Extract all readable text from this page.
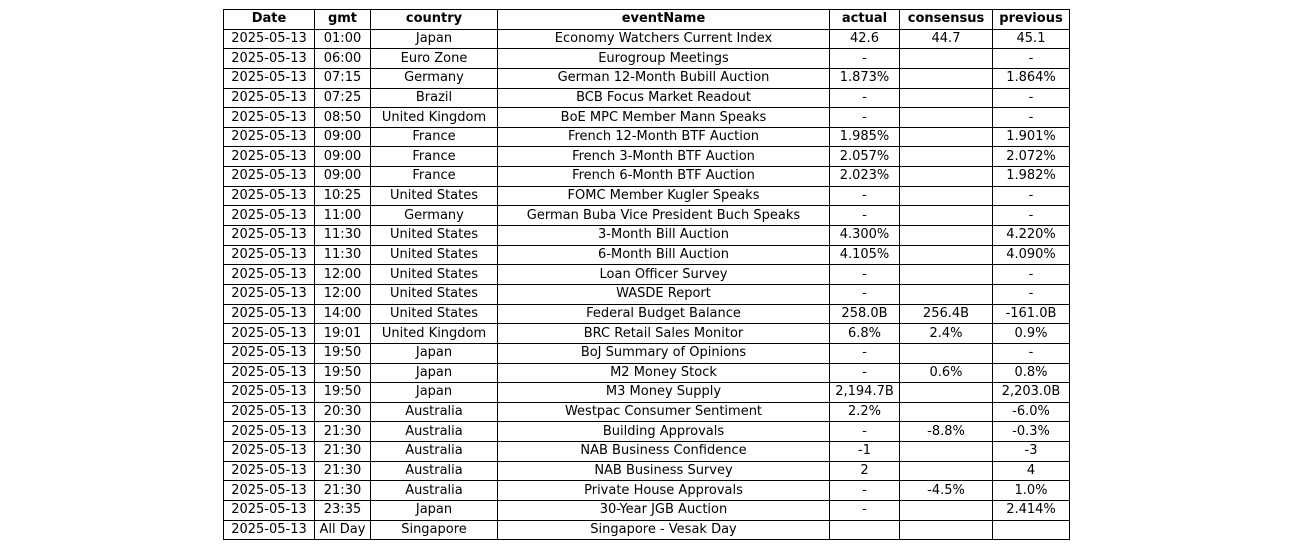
Date	gmt	country	eventName	actual	consensus	previous
2025-05-13	01:00	Japan	Economy Watchers Current Index	42.6	44.7	45.1
2025-05-13	06:00	Euro Zone	Eurogroup Meetings	-		-
2025-05-13	07:15	Germany	German 12-Month Bubill Auction	1.873%		1.864%
2025-05-13	07:25	Brazil	BCB Focus Market Readout	-		-
2025-05-13	08:50	United Kingdom	BoE MPC Member Mann Speaks	-		-
2025-05-13	09:00	France	French 12-Month BTF Auction	1.985%		1.901%
2025-05-13	09:00	France	French 3-Month BTF Auction	2.057%		2.072%
2025-05-13	09:00	France	French 6-Month BTF Auction	2.023%		1.982%
2025-05-13	10:25	United States	FOMC Member Kugler Speaks	-		-
2025-05-13	11:00	Germany	German Buba Vice President Buch Speaks	-		-
2025-05-13	11:30	United States	3-Month Bill Auction	4.300%		4.220%
2025-05-13	11:30	United States	6-Month Bill Auction	4.105%		4.090%
2025-05-13	12:00	United States	Loan Officer Survey	-		-
2025-05-13	12:00	United States	WASDE Report	-		-
2025-05-13	14:00	United States	Federal Budget Balance	258.0B	256.4B	-161.0B
2025-05-13	19:01	United Kingdom	BRC Retail Sales Monitor	6.8%	2.4%	0.9%
2025-05-13	19:50	Japan	BoJ Summary of Opinions	-		-
2025-05-13	19:50	Japan	M2 Money Stock	-	0.6%	0.8%
2025-05-13	19:50	Japan	M3 Money Supply	2,194.7B		2,203.0B
2025-05-13	20:30	Australia	Westpac Consumer Sentiment	2.2%		-6.0%
2025-05-13	21:30	Australia	Building Approvals	-	-8.8%	-0.3%
2025-05-13	21:30	Australia	NAB Business Confidence	-1		-3
2025-05-13	21:30	Australia	NAB Business Survey	2		4
2025-05-13	21:30	Australia	Private House Approvals	-	-4.5%	1.0%
2025-05-13	23:35	Japan	30-Year JGB Auction	-		2.414%
2025-05-13	All Day	Singapore	Singapore - Vesak Day			
